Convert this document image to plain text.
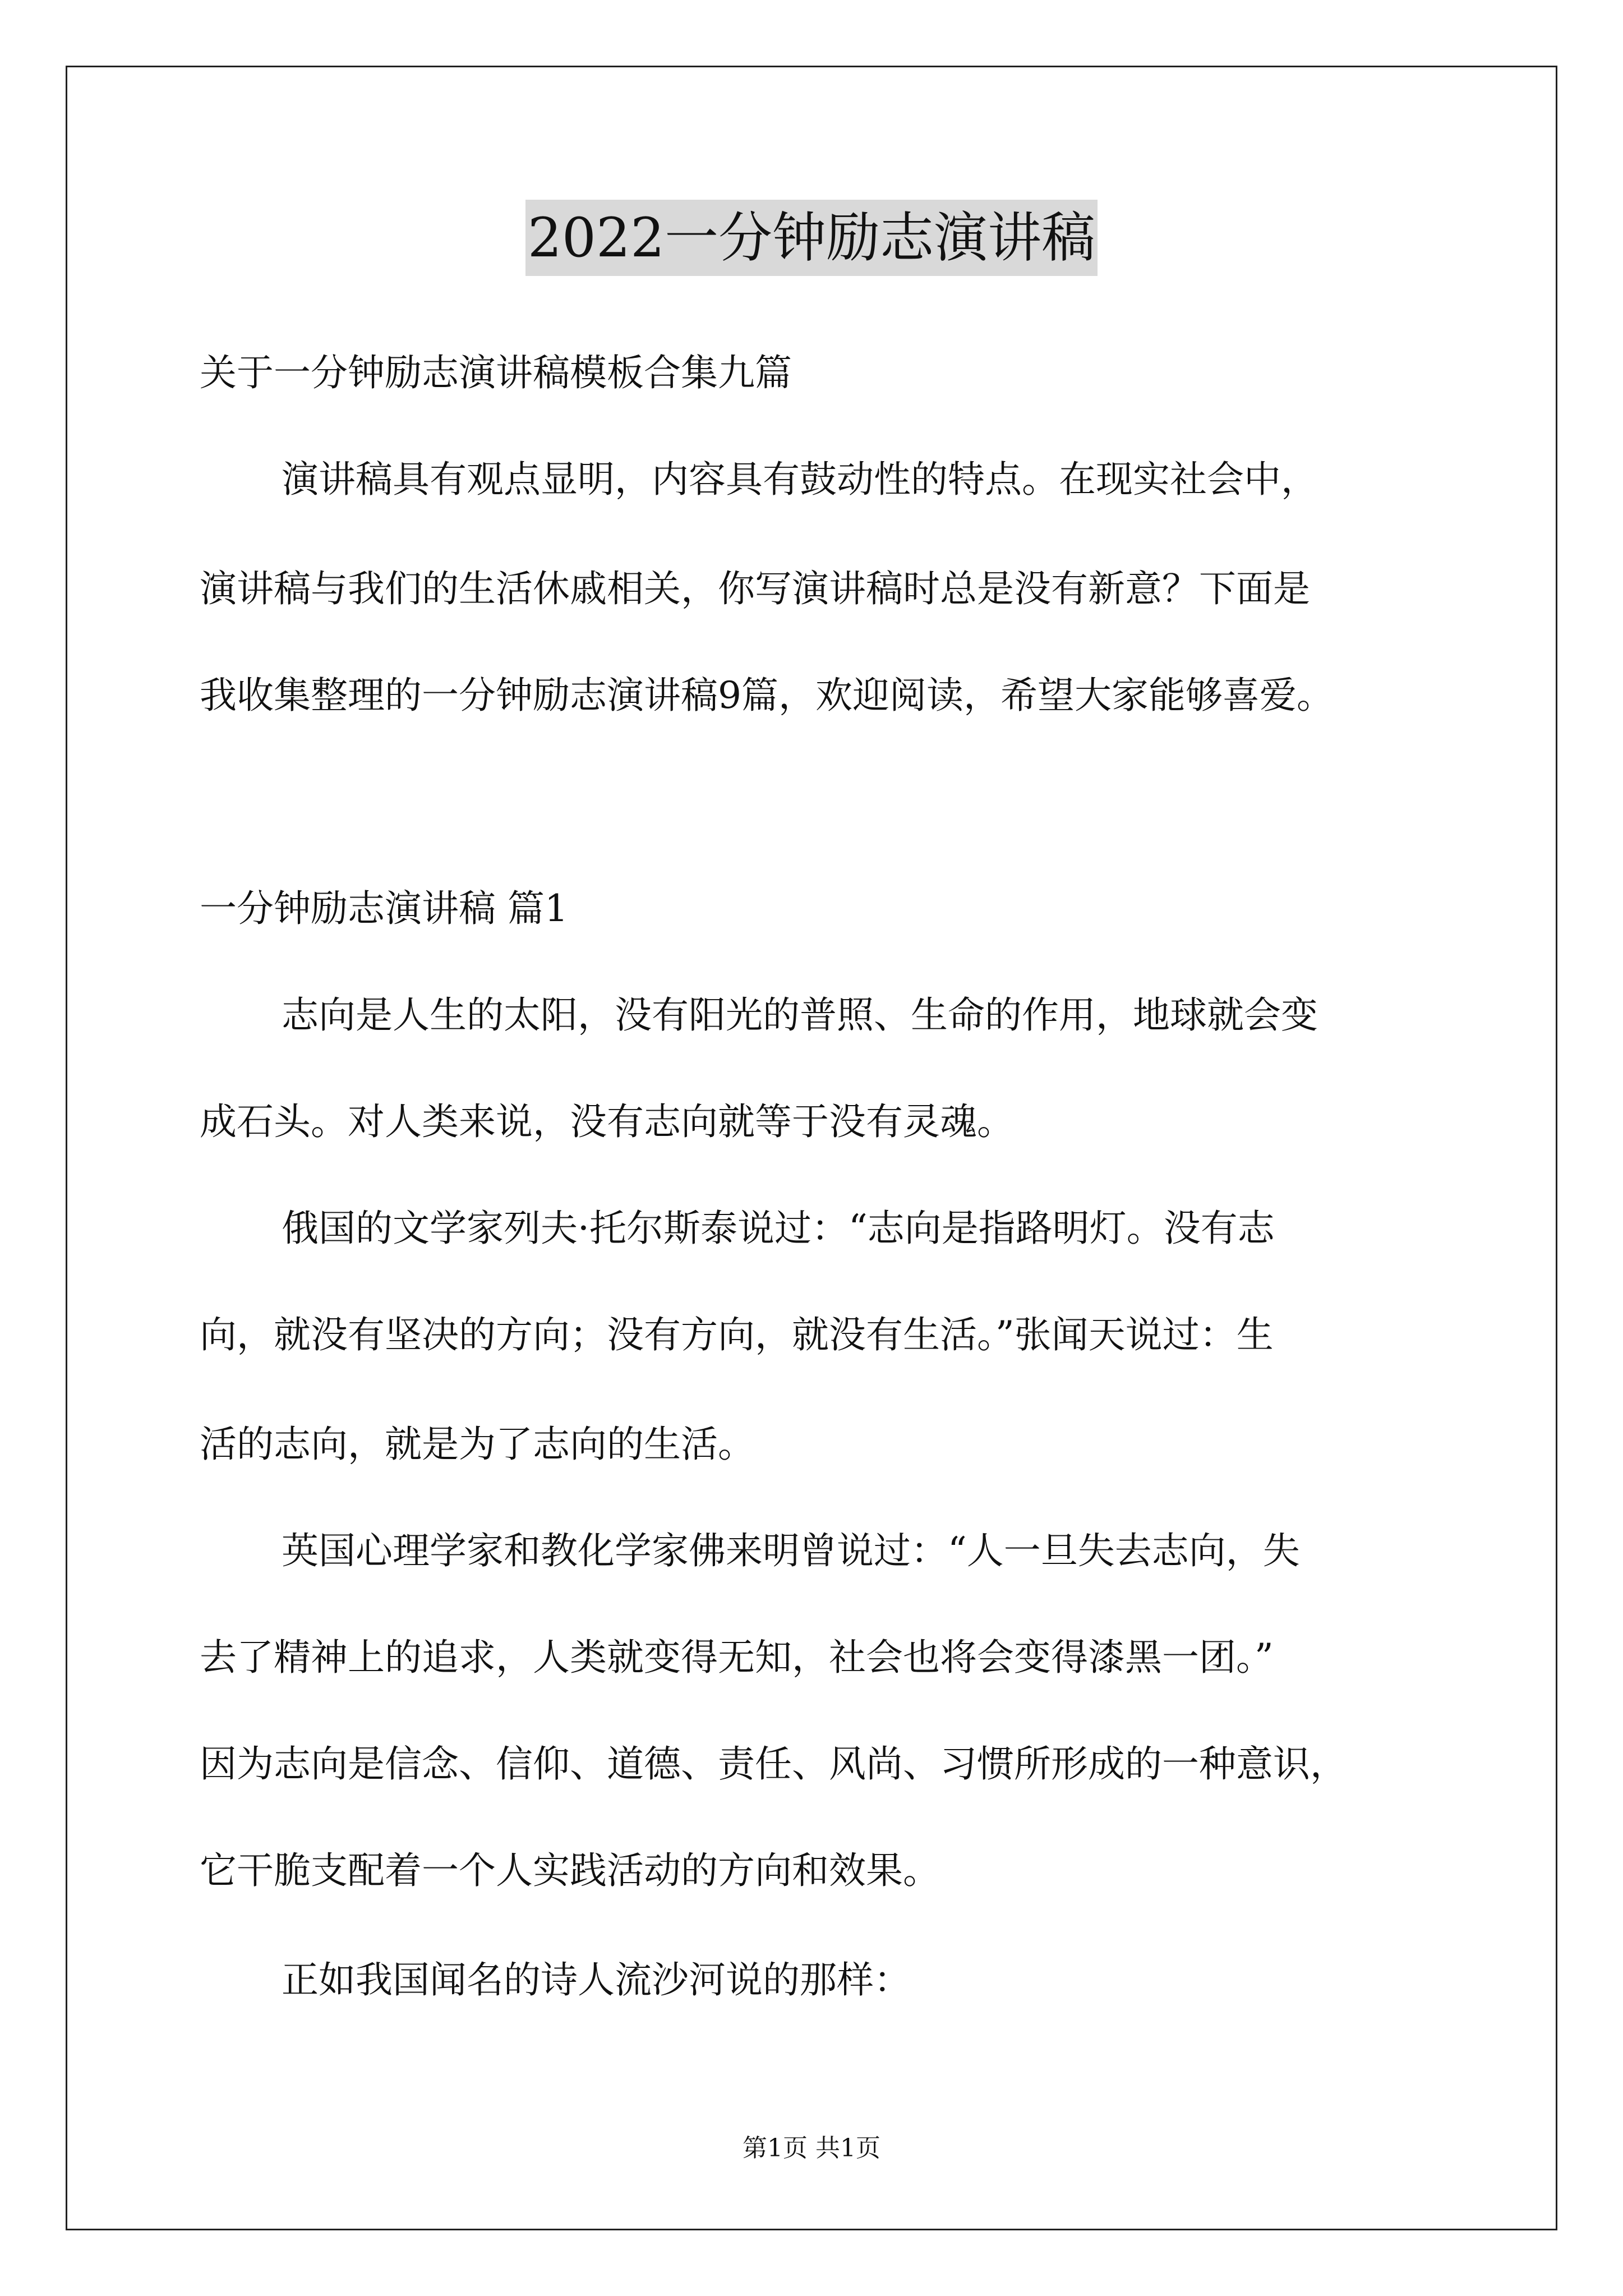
2022一分钟励志演讲稿
关于一分钟励志演讲稿模板合集九篇
演讲稿具有观点显明，内容具有鼓动性的特点。在现实社会中，
演讲稿与我们的生活休戚相关，你写演讲稿时总是没有新意？下面是
我收集整理的一分钟励志演讲稿9篇，欢迎阅读，希望大家能够喜爱。
一分钟励志演讲稿 篇1
志向是人生的太阳，没有阳光的普照、生命的作用，地球就会变
成石头。对人类来说，没有志向就等于没有灵魂。
俄国的文学家列夫·托尔斯泰说过：“志向是指路明灯。没有志
向，就没有坚决的方向；没有方向，就没有生活。”张闻天说过：生
活的志向，就是为了志向的生活。
英国心理学家和教化学家佛来明曾说过：“人一旦失去志向，失
去了精神上的追求，人类就变得无知，社会也将会变得漆黑一团。”
因为志向是信念、信仰、道德、责任、风尚、习惯所形成的一种意识，
它干脆支配着一个人实践活动的方向和效果。
正如我国闻名的诗人流沙河说的那样：
第1页 共1页
